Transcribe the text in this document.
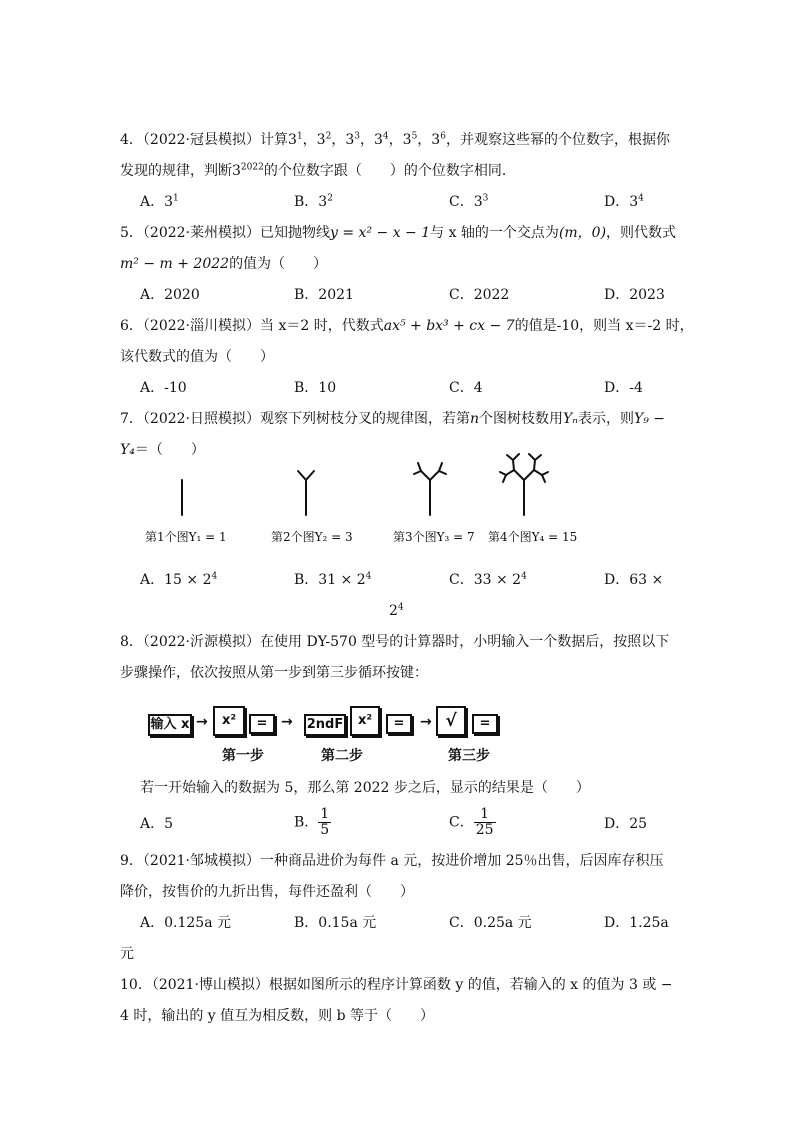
4．（2022·冠县模拟）计算$3^1$，$3^2$，$3^3$，$3^4$，$3^5$，$3^6$，并观察这些幂的个位数字，根据你
发现的规律，判断$3^{2022}$的个位数字跟（　　）的个位数字相同．
A．$3^1$	B．$3^2$	C．$3^3$	D．$3^4$
5．（2022·莱州模拟）已知抛物线y = x² − x − 1与 x 轴的一个交点为(m，0)，则代数式
m² − m + 2022的值为（　　）
A．2020	B．2021	C．2022	D．2023
6．（2022·淄川模拟）当 x＝2 时，代数式ax⁵ + bx³ + cx − 7的值是-10，则当 x＝-2 时，
该代数式的值为（　　）
A．-10	B．10	C．4	D．-4
7．（2022·日照模拟）观察下列树枝分叉的规律图，若第n个图树枝数用Yₙ表示，则Y₉ −
Y₄＝（　　）
第1个图Y₁ = 1	第2个图Y₂ = 3	第3个图Y₃ = 7 第4个图Y₄ = 15
A．$15 \times 2^4$	B．$31 \times 2^4$	C．$33 \times 2^4$	D．63 ×
$2^4$
8．（2022·沂源模拟）在使用 DY-570 型号的计算器时，小明输入一个数据后，按照以下
步骤操作，依次按照从第一步到第三步循环按键：
输入 x →	x²	= → 2ndF	x²	=	→ √	=
第一步	第二步	第三步
若一开始输入的数据为 5，那么第 2022 步之后，显示的结果是（　　）
A．5	B． $\frac{1}{5}$	C． $\frac{1}{25}$	D．25
9．（2021·邹城模拟）一种商品进价为每件 a 元，按进价增加 25％出售，后因库存积压
降价，按售价的九折出售，每件还盈利（　　）
A．0.125a 元	B．0.15a 元	C．0.25a 元	D．1.25a
元
10．（2021·博山模拟）根据如图所示的程序计算函数 y 的值，若输入的 x 的值为 3 或 −
4 时，输出的 y 值互为相反数，则 b 等于（　　）
